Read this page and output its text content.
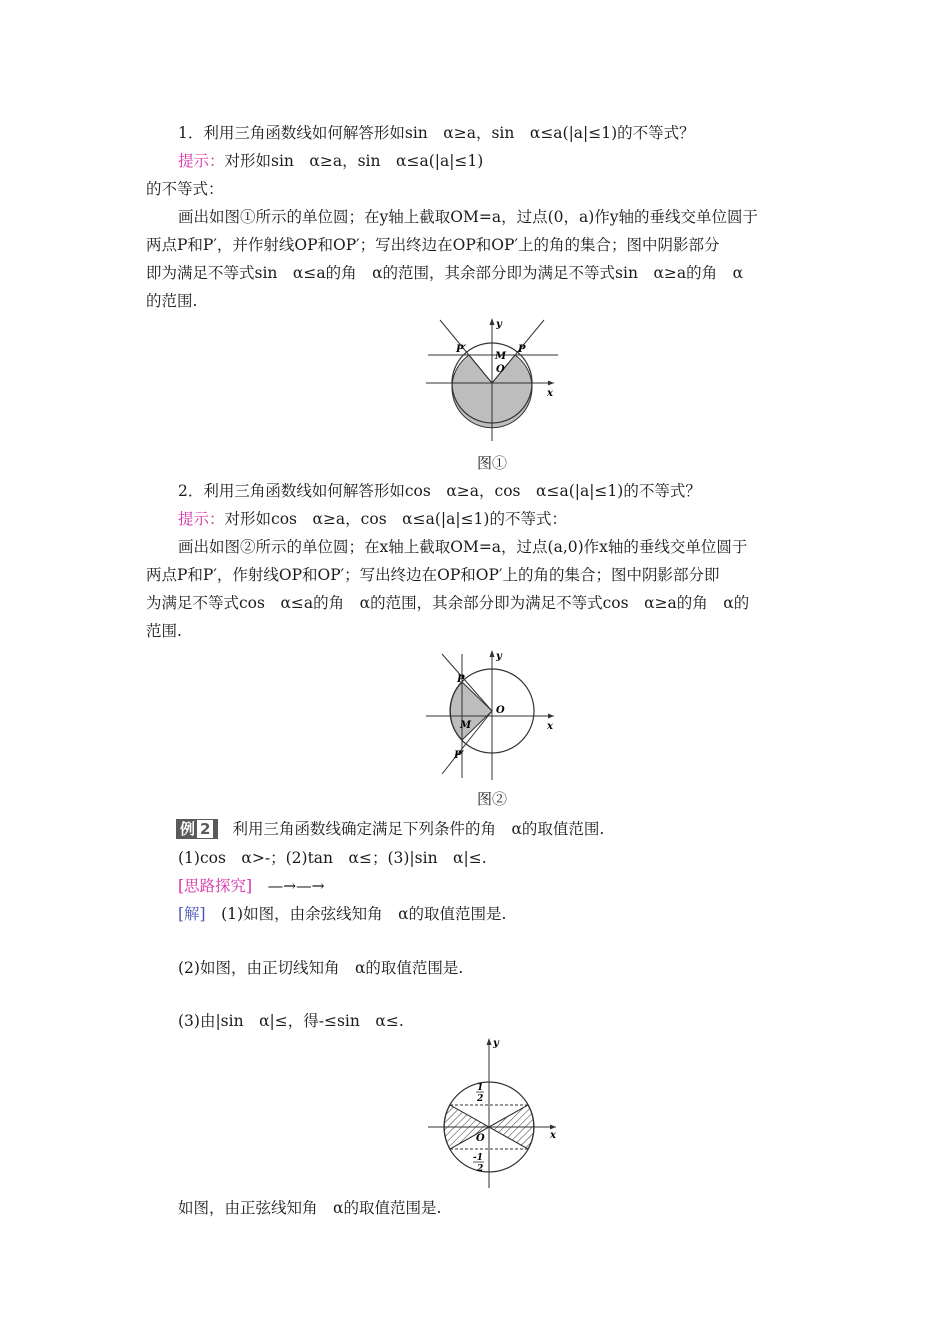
1．利用三角函数线如何解答形如sin　α≥a，sin　α≤a(|a|≤1)的不等式？
提示：对形如sin　α≥a，sin　α≤a(|a|≤1)
的不等式：
画出如图①所示的单位圆；在y轴上截取OM=a，过点(0，a)作y轴的垂线交单位圆于
两点P和P′，并作射线OP和OP′；写出终边在OP和OP′上的角的集合；图中阴影部分
即为满足不等式sin　α≤a的角　α的范围，其余部分即为满足不等式sin　α≥a的角　α
的范围.
y
x
O
M
P
P′
图①
2．利用三角函数线如何解答形如cos　α≥a，cos　α≤a(|a|≤1)的不等式？
提示：对形如cos　α≥a，cos　α≤a(|a|≤1)的不等式：
画出如图②所示的单位圆；在x轴上截取OM=a，过点(a,0)作x轴的垂线交单位圆于
两点P和P′，作射线OP和OP′；写出终边在OP和OP′上的角的集合；图中阴影部分即
为满足不等式cos　α≤a的角　α的范围，其余部分即为满足不等式cos　α≥a的角　α的
范围.
y
x
O
M
P
P′
图②
例 2 利用三角函数线确定满足下列条件的角　α的取值范围.
(1)cos　α>-；(2)tan　α≤；(3)|sin　α|≤.
[思路探究]　 —→—→
[解]　 (1)如图，由余弦线知角　α的取值范围是.
(2)如图，由正切线知角　α的取值范围是.
(3)由|sin　α|≤，得-≤sin　α≤.
y
x
O
1
2
-1
2
如图，由正弦线知角　α的取值范围是.
